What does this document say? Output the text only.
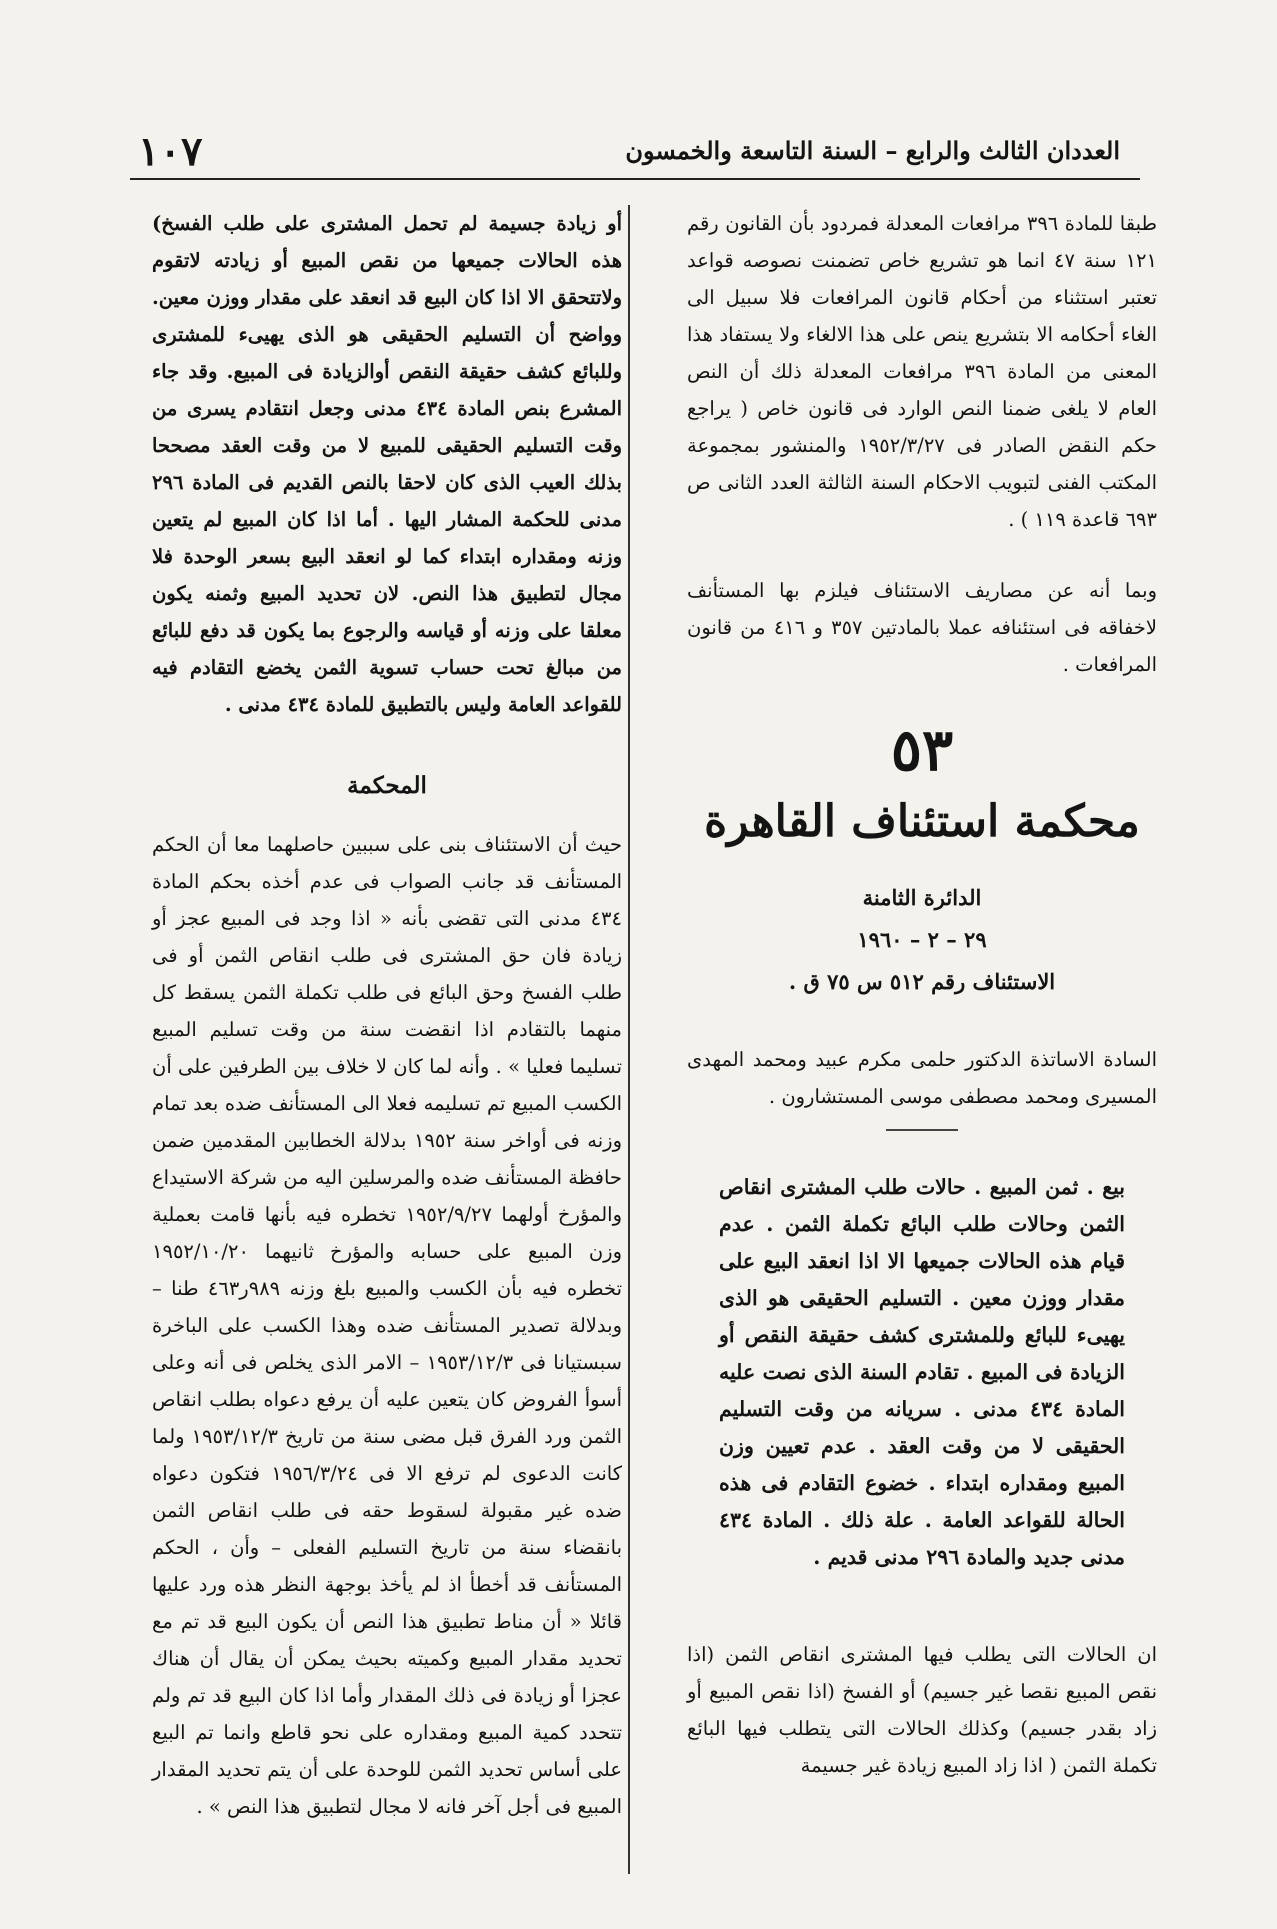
١٠٧	العددان الثالث والرابع – السنة التاسعة والخمسون

طبقا للمادة ٣٩٦ مرافعات المعدلة فمردود بأن القانون رقم ١٢١ سنة ٤٧ انما هو تشريع خاص تضمنت نصوصه قواعد تعتبر استثناء من أحكام قانون المرافعات فلا سبيل الى الغاء أحكامه الا بتشريع ينص على هذا الالغاء ولا يستفاد هذا المعنى من المادة ٣٩٦ مرافعات المعدلة ذلك أن النص العام لا يلغى ضمنا النص الوارد فى قانون خاص ( يراجع حكم النقض الصادر فى ١٩٥٢/٣/٢٧ والمنشور بمجموعة المكتب الفنى لتبويب الاحكام السنة الثالثة العدد الثانى ص ٦٩٣ قاعدة ١١٩ ) .

وبما أنه عن مصاريف الاستئناف فيلزم بها المستأنف لاخفاقه فى استئنافه عملا بالمادتين ٣٥٧ و ٤١٦ من قانون المرافعات .

٥٣
محكمة استئناف القاهرة
الدائرة الثامنة
٢٩ – ٢ – ١٩٦٠
الاستئناف رقم ٥١٢ س ٧٥ ق .

السادة الاساتذة الدكتور حلمى مكرم عبيد ومحمد المهدى المسيرى ومحمد مصطفى موسى المستشارون .

بيع . ثمن المبيع . حالات طلب المشترى انقاص الثمن وحالات طلب البائع تكملة الثمن . عدم قيام هذه الحالات جميعها الا اذا انعقد البيع على مقدار ووزن معين . التسليم الحقيقى هو الذى يهيىء للبائع وللمشترى كشف حقيقة النقص أو الزيادة فى المبيع . تقادم السنة الذى نصت عليه المادة ٤٣٤ مدنى . سريانه من وقت التسليم الحقيقى لا من وقت العقد . عدم تعيين وزن المبيع ومقداره ابتداء . خضوع التقادم فى هذه الحالة للقواعد العامة . علة ذلك . المادة ٤٣٤ مدنى جديد والمادة ٢٩٦ مدنى قديم .

ان الحالات التى يطلب فيها المشترى انقاص الثمن (اذا نقص المبيع نقصا غير جسيم) أو الفسخ (اذا نقص المبيع أو زاد بقدر جسيم) وكذلك الحالات التى يتطلب فيها البائع تكملة الثمن ( اذا زاد المبيع زيادة غير جسيمة

أو زيادة جسيمة لم تحمل المشترى على طلب الفسخ) هذه الحالات جميعها من نقص المبيع أو زيادته لاتقوم ولاتتحقق الا اذا كان البيع قد انعقد على مقدار ووزن معين. وواضح أن التسليم الحقيقى هو الذى يهيىء للمشترى وللبائع كشف حقيقة النقص أوالزيادة فى المبيع. وقد جاء المشرع بنص المادة ٤٣٤ مدنى وجعل انتقادم يسرى من وقت التسليم الحقيقى للمبيع لا من وقت العقد مصححا بذلك العيب الذى كان لاحقا بالنص القديم فى المادة ٢٩٦ مدنى للحكمة المشار اليها . أما اذا كان المبيع لم يتعين وزنه ومقداره ابتداء كما لو انعقد البيع بسعر الوحدة فلا مجال لتطبيق هذا النص. لان تحديد المبيع وثمنه يكون معلقا على وزنه أو قياسه والرجوع بما يكون قد دفع للبائع من مبالغ تحت حساب تسوية الثمن يخضع التقادم فيه للقواعد العامة وليس بالتطبيق للمادة ٤٣٤ مدنى .

المحكمة

حيث أن الاستئناف بنى على سببين حاصلهما معا أن الحكم المستأنف قد جانب الصواب فى عدم أخذه بحكم المادة ٤٣٤ مدنى التى تقضى بأنه « اذا وجد فى المبيع عجز أو زيادة فان حق المشترى فى طلب انقاص الثمن أو فى طلب الفسخ وحق البائع فى طلب تكملة الثمن يسقط كل منهما بالتقادم اذا انقضت سنة من وقت تسليم المبيع تسليما فعليا » . وأنه لما كان لا خلاف بين الطرفين على أن الكسب المبيع تم تسليمه فعلا الى المستأنف ضده بعد تمام وزنه فى أواخر سنة ١٩٥٢ بدلالة الخطابين المقدمين ضمن حافظة المستأنف ضده والمرسلين اليه من شركة الاستيداع والمؤرخ أولهما ١٩٥٢/٩/٢٧ تخطره فيه بأنها قامت بعملية وزن المبيع على حسابه والمؤرخ ثانيهما ١٩٥٢/١٠/٢٠ تخطره فيه بأن الكسب والمبيع بلغ وزنه ٩٨٩ر٤٦٣ طنا – وبدلالة تصدير المستأنف ضده وهذا الكسب على الباخرة سبستيانا فى ١٩٥٣/١٢/٣ – الامر الذى يخلص فى أنه وعلى أسوأ الفروض كان يتعين عليه أن يرفع دعواه بطلب انقاص الثمن ورد الفرق قبل مضى سنة من تاريخ ١٩٥٣/١٢/٣ ولما كانت الدعوى لم ترفع الا فى ١٩٥٦/٣/٢٤ فتكون دعواه ضده غير مقبولة لسقوط حقه فى طلب انقاص الثمن بانقضاء سنة من تاريخ التسليم الفعلى – وأن ، الحكم المستأنف قد أخطأ اذ لم يأخذ بوجهة النظر هذه ورد عليها قائلا « أن مناط تطبيق هذا النص أن يكون البيع قد تم مع تحديد مقدار المبيع وكميته بحيث يمكن أن يقال أن هناك عجزا أو زيادة فى ذلك المقدار وأما اذا كان البيع قد تم ولم تتحدد كمية المبيع ومقداره على نحو قاطع وانما تم البيع على أساس تحديد الثمن للوحدة على أن يتم تحديد المقدار المبيع فى أجل آخر فانه لا مجال لتطبيق هذا النص » .
